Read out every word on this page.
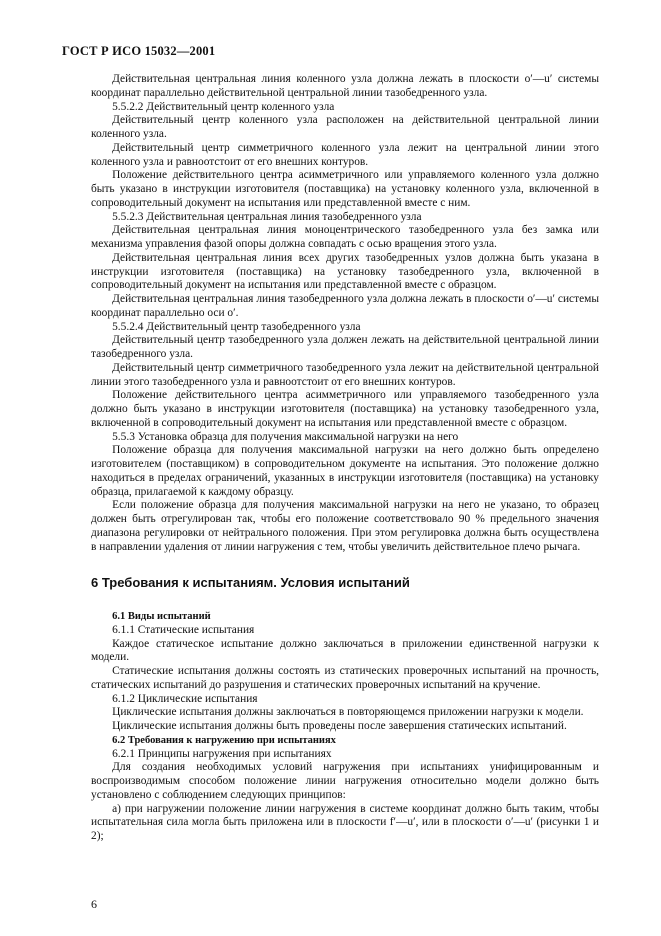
ГОСТ Р ИСО 15032—2001

Действительная центральная линия коленного узла должна лежать в плоскости o′—u′ системы координат параллельно действительной центральной линии тазобедренного узла.

5.5.2.2 Действительный центр коленного узла

Действительный центр коленного узла расположен на действительной центральной линии коленного узла.

Действительный центр симметричного коленного узла лежит на центральной линии этого коленного узла и равноотстоит от его внешних контуров.

Положение действительного центра асимметричного или управляемого коленного узла должно быть указано в инструкции изготовителя (поставщика) на установку коленного узла, включенной в сопроводительный документ на испытания или представленной вместе с ним.

5.5.2.3 Действительная центральная линия тазобедренного узла

Действительная центральная линия моноцентрического тазобедренного узла без замка или механизма управления фазой опоры должна совпадать с осью вращения этого узла.

Действительная центральная линия всех других тазобедренных узлов должна быть указана в инструкции изготовителя (поставщика) на установку тазобедренного узла, включенной в сопроводительный документ на испытания или представленной вместе с образцом.

Действительная центральная линия тазобедренного узла должна лежать в плоскости o′—u′ системы координат параллельно оси o′.

5.5.2.4 Действительный центр тазобедренного узла

Действительный центр тазобедренного узла должен лежать на действительной центральной линии тазобедренного узла.

Действительный центр симметричного тазобедренного узла лежит на действительной центральной линии этого тазобедренного узла и равноотстоит от его внешних контуров.

Положение действительного центра асимметричного или управляемого тазобедренного узла должно быть указано в инструкции изготовителя (поставщика) на установку тазобедренного узла, включенной в сопроводительный документ на испытания или представленной вместе с образцом.

5.5.3 Установка образца для получения максимальной нагрузки на него

Положение образца для получения максимальной нагрузки на него должно быть определено изготовителем (поставщиком) в сопроводительном документе на испытания. Это положение должно находиться в пределах ограничений, указанных в инструкции изготовителя (поставщика) на установку образца, прилагаемой к каждому образцу.

Если положение образца для получения максимальной нагрузки на него не указано, то образец должен быть отрегулирован так, чтобы его положение соответствовало 90 % предельного значения диапазона регулировки от нейтрального положения. При этом регулировка должна быть осуществлена в направлении удаления от линии нагружения с тем, чтобы увеличить действительное плечо рычага.

6 Требования к испытаниям. Условия испытаний

6.1 Виды испытаний

6.1.1 Статические испытания

Каждое статическое испытание должно заключаться в приложении единственной нагрузки к модели.

Статические испытания должны состоять из статических проверочных испытаний на прочность, статических испытаний до разрушения и статических проверочных испытаний на кручение.

6.1.2 Циклические испытания

Циклические испытания должны заключаться в повторяющемся приложении нагрузки к модели.

Циклические испытания должны быть проведены после завершения статических испытаний.

6.2 Требования к нагружению при испытаниях

6.2.1 Принципы нагружения при испытаниях

Для создания необходимых условий нагружения при испытаниях унифицированным и воспроизводимым способом положение линии нагружения относительно модели должно быть установлено с соблюдением следующих принципов:

а) при нагружении положение линии нагружения в системе координат должно быть таким, чтобы испытательная сила могла быть приложена или в плоскости f′—u′, или в плоскости o′—u′ (рисунки 1 и 2);

6
